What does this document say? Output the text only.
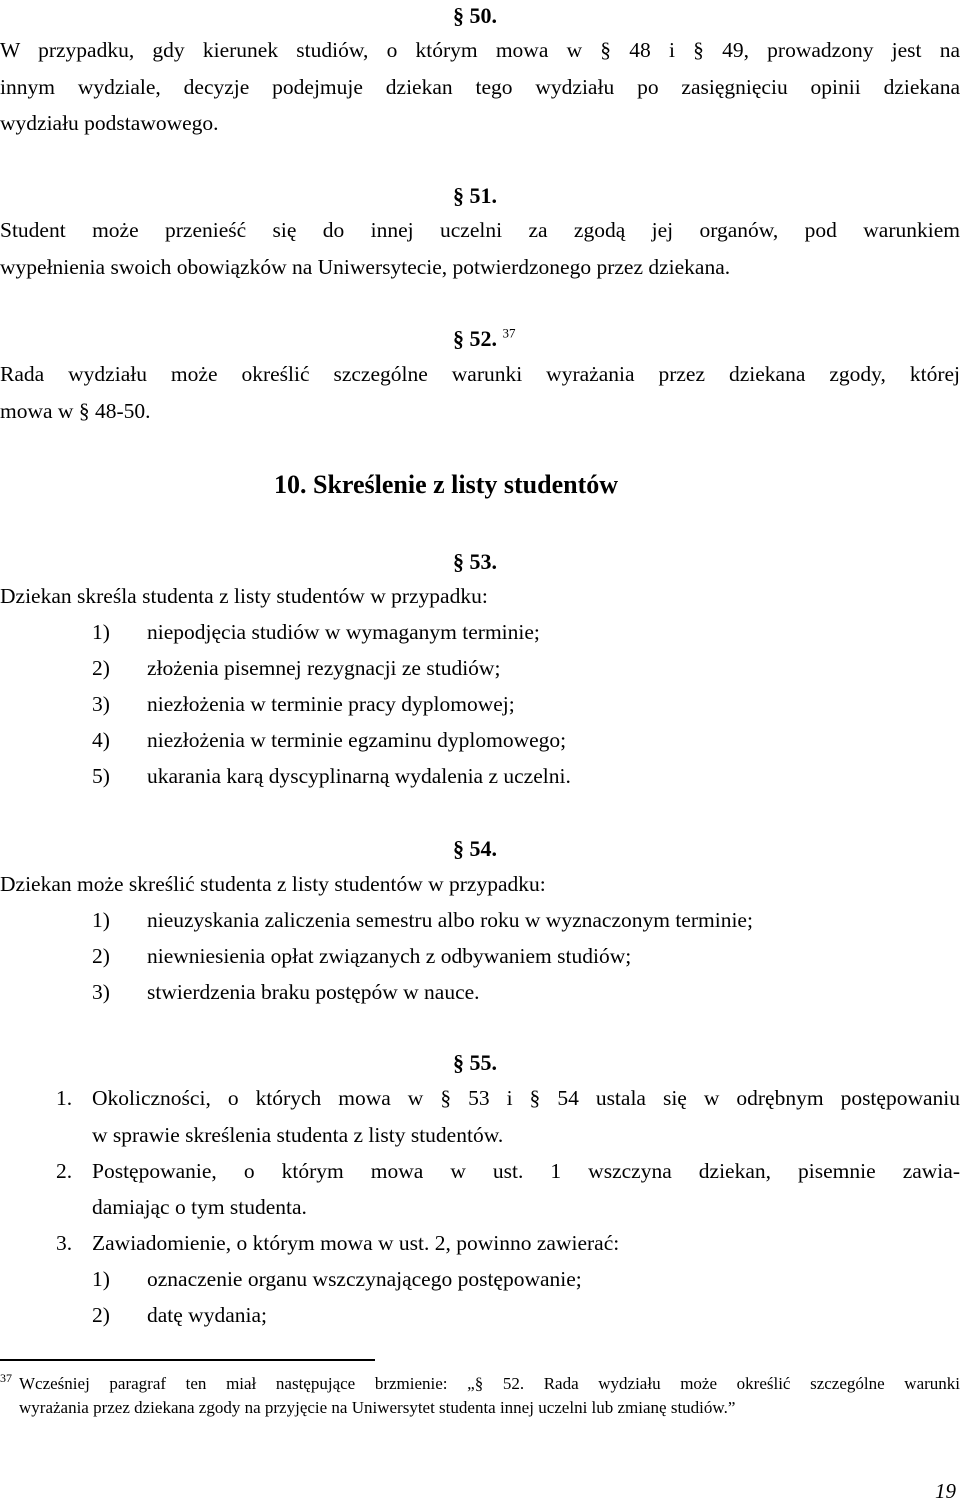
§ 50.
W przypadku, gdy kierunek studiów, o którym mowa w § 48 i § 49, prowadzony jest na
innym wydziale, decyzje podejmuje dziekan tego wydziału po zasięgnięciu opinii dziekana
wydziału podstawowego.
§ 51.
Student może przenieść się do innej uczelni za zgodą jej organów, pod warunkiem
wypełnienia swoich obowiązków na Uniwersytecie, potwierdzonego przez dziekana.
§ 52. $^{37}$
Rada wydziału może określić szczególne warunki wyrażania przez dziekana zgody, której
mowa w § 48-50.
10. Skreślenie z listy studentów
§ 53.
Dziekan skreśla studenta z listy studentów w przypadku:
1) niepodjęcia studiów w wymaganym terminie;
2) złożenia pisemnej rezygnacji ze studiów;
3) niezłożenia w terminie pracy dyplomowej;
4) niezłożenia w terminie egzaminu dyplomowego;
5) ukarania karą dyscyplinarną wydalenia z uczelni.
§ 54.
Dziekan może skreślić studenta z listy studentów w przypadku:
1) nieuzyskania zaliczenia semestru albo roku w wyznaczonym terminie;
2) niewniesienia opłat związanych z odbywaniem studiów;
3) stwierdzenia braku postępów w nauce.
§ 55.
1. Okoliczności, o których mowa w § 53 i § 54 ustala się w odrębnym postępowaniu
w sprawie skreślenia studenta z listy studentów.
2. Postępowanie, o którym mowa w ust. 1 wszczyna dziekan, pisemnie zawia-
damiając o tym studenta.
3. Zawiadomienie, o którym mowa w ust. 2, powinno zawierać:
1) oznaczenie organu wszczynającego postępowanie;
2) datę wydania;
37 Wcześniej paragraf ten miał następujące brzmienie: „§ 52. Rada wydziału może określić szczególne warunki
wyrażania przez dziekana zgody na przyjęcie na Uniwersytet studenta innej uczelni lub zmianę studiów.”
19
